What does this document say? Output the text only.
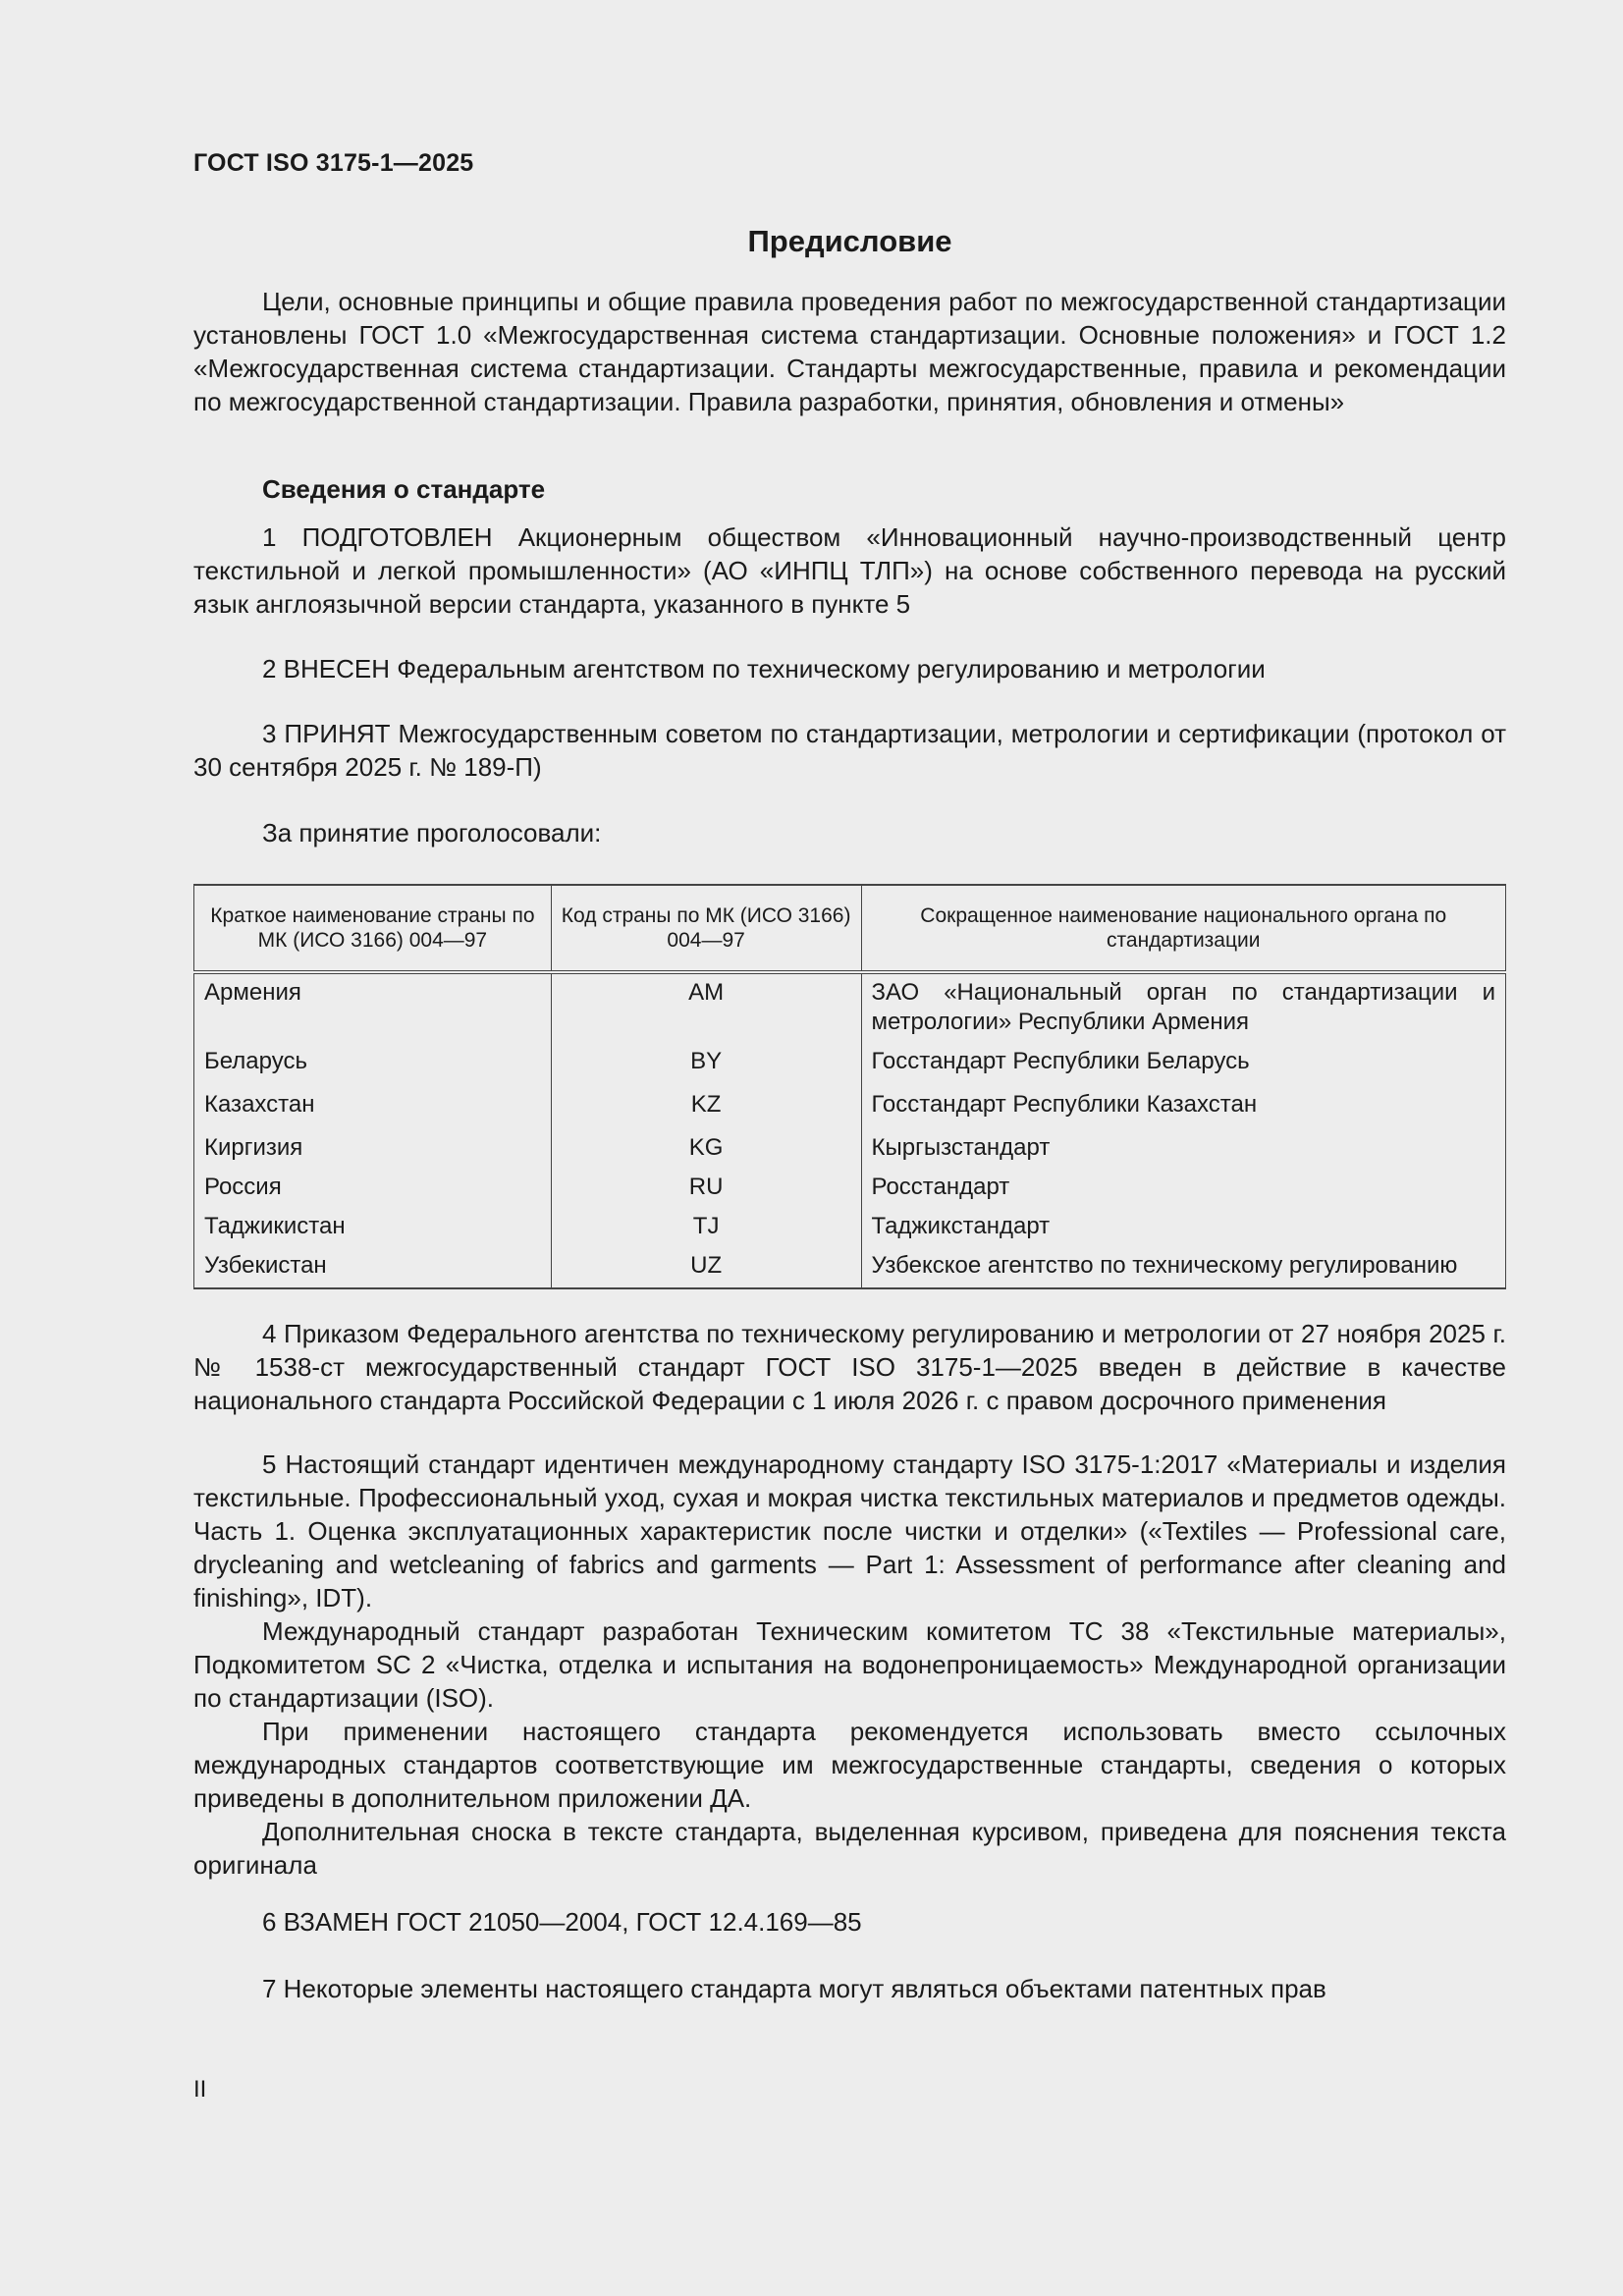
ГОСТ ISO 3175-1—2025
Предисловие

Цели, основные принципы и общие правила проведения работ по межгосударственной стандартизации установлены ГОСТ 1.0 «Межгосударственная система стандартизации. Основные положения» и ГОСТ 1.2 «Межгосударственная система стандартизации. Стандарты межгосударственные, правила и рекомендации по межгосударственной стандартизации. Правила разработки, принятия, обновления и отмены»

Сведения о стандарте

1 ПОДГОТОВЛЕН Акционерным обществом «Инновационный научно-производственный центр текстильной и легкой промышленности» (АО «ИНПЦ ТЛП») на основе собственного перевода на русский язык англоязычной версии стандарта, указанного в пункте 5

2 ВНЕСЕН Федеральным агентством по техническому регулированию и метрологии

3 ПРИНЯТ Межгосударственным советом по стандартизации, метрологии и сертификации (протокол от 30 сентября 2025 г. № 189-П)

За принятие проголосовали:

Краткое наименование страны по МК (ИСО 3166) 004—97	Код страны по МК (ИСО 3166) 004—97	Сокращенное наименование национального органа по стандартизации
Армения	AM	ЗАО «Национальный орган по стандартизации и метрологии» Республики Армения
Беларусь	BY	Госстандарт Республики Беларусь
Казахстан	KZ	Госстандарт Республики Казахстан
Киргизия	KG	Кыргызстандарт
Россия	RU	Росстандарт
Таджикистан	TJ	Таджикстандарт
Узбекистан	UZ	Узбекское агентство по техническому регулированию

4 Приказом Федерального агентства по техническому регулированию и метрологии от 27 ноября 2025 г. № 1538-ст межгосударственный стандарт ГОСТ ISO 3175-1—2025 введен в действие в качестве национального стандарта Российской Федерации с 1 июля 2026 г. с правом досрочного применения

5 Настоящий стандарт идентичен международному стандарту ISO 3175-1:2017 «Материалы и изделия текстильные. Профессиональный уход, сухая и мокрая чистка текстильных материалов и предметов одежды. Часть 1. Оценка эксплуатационных характеристик после чистки и отделки» («Textiles — Professional care, drycleaning and wetcleaning of fabrics and garments — Part 1: Assessment of performance after cleaning and finishing», IDT).

Международный стандарт разработан Техническим комитетом ТС 38 «Текстильные материалы», Подкомитетом SC 2 «Чистка, отделка и испытания на водонепроницаемость» Международной организации по стандартизации (ISO).

При применении настоящего стандарта рекомендуется использовать вместо ссылочных международных стандартов соответствующие им межгосударственные стандарты, сведения о которых приведены в дополнительном приложении ДА.

Дополнительная сноска в тексте стандарта, выделенная курсивом, приведена для пояснения текста оригинала

6 ВЗАМЕН ГОСТ 21050—2004, ГОСТ 12.4.169—85

7 Некоторые элементы настоящего стандарта могут являться объектами патентных прав

II
